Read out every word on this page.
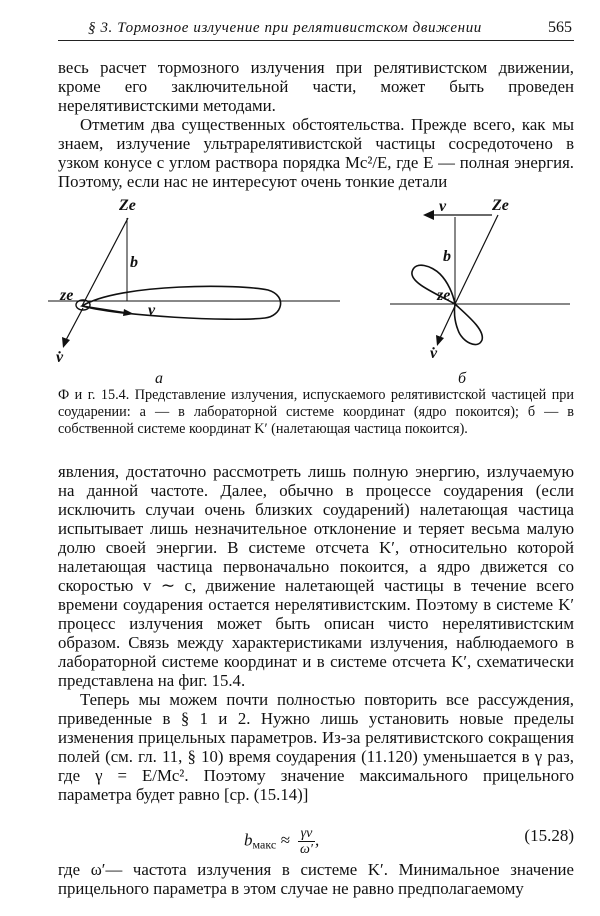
§ 3. Тормозное излучение при релятивистском движении	565

весь расчет тормозного излучения при релятивистском движении, кроме его заключительной части, может быть проведен нерелятивистскими методами.

Отметим два существенных обстоятельства. Прежде всего, как мы знаем, излучение ультрарелятивистской частицы сосредоточено в узком конусе с углом раствора порядка Mc²/E, где E — полная энергия. Поэтому, если нас не интересуют очень тонкие детали

Ze
ze
b
v
v̇
а
Ze
ze
b
v
v̇
б

Ф и г. 15.4. Представление излучения, испускаемого релятивистской частицей при соударении: а — в лабораторной системе координат (ядро покоится); б — в собственной системе координат K′ (налетающая частица покоится).

явления, достаточно рассмотреть лишь полную энергию, излучаемую на данной частоте. Далее, обычно в процессе соударения (если исключить случаи очень близких соударений) налетающая частица испытывает лишь незначительное отклонение и теряет весьма малую долю своей энергии. В системе отсчета K′, относительно которой налетающая частица первоначально покоится, а ядро движется со скоростью v ∼ c, движение налетающей частицы в течение всего времени соударения остается нерелятивистским. Поэтому в системе K′ процесс излучения может быть описан чисто нерелятивистским образом. Связь между характеристиками излучения, наблюдаемого в лабораторной системе координат и в системе отсчета K′, схематически представлена на фиг. 15.4.

Теперь мы можем почти полностью повторить все рассуждения, приведенные в § 1 и 2. Нужно лишь установить новые пределы изменения прицельных параметров. Из-за релятивистского сокращения полей (см. гл. 11, § 10) время соударения (11.120) уменьшается в γ раз, где γ = E/Mc². Поэтому значение максимального прицельного параметра будет равно [ср. (15.14)]

$b_{макс} \approx \frac{\gamma v}{\omega'}$ ,	(15.28)

где ω′— частота излучения в системе K′. Минимальное значение прицельного параметра в этом случае не равно предполагаемому
